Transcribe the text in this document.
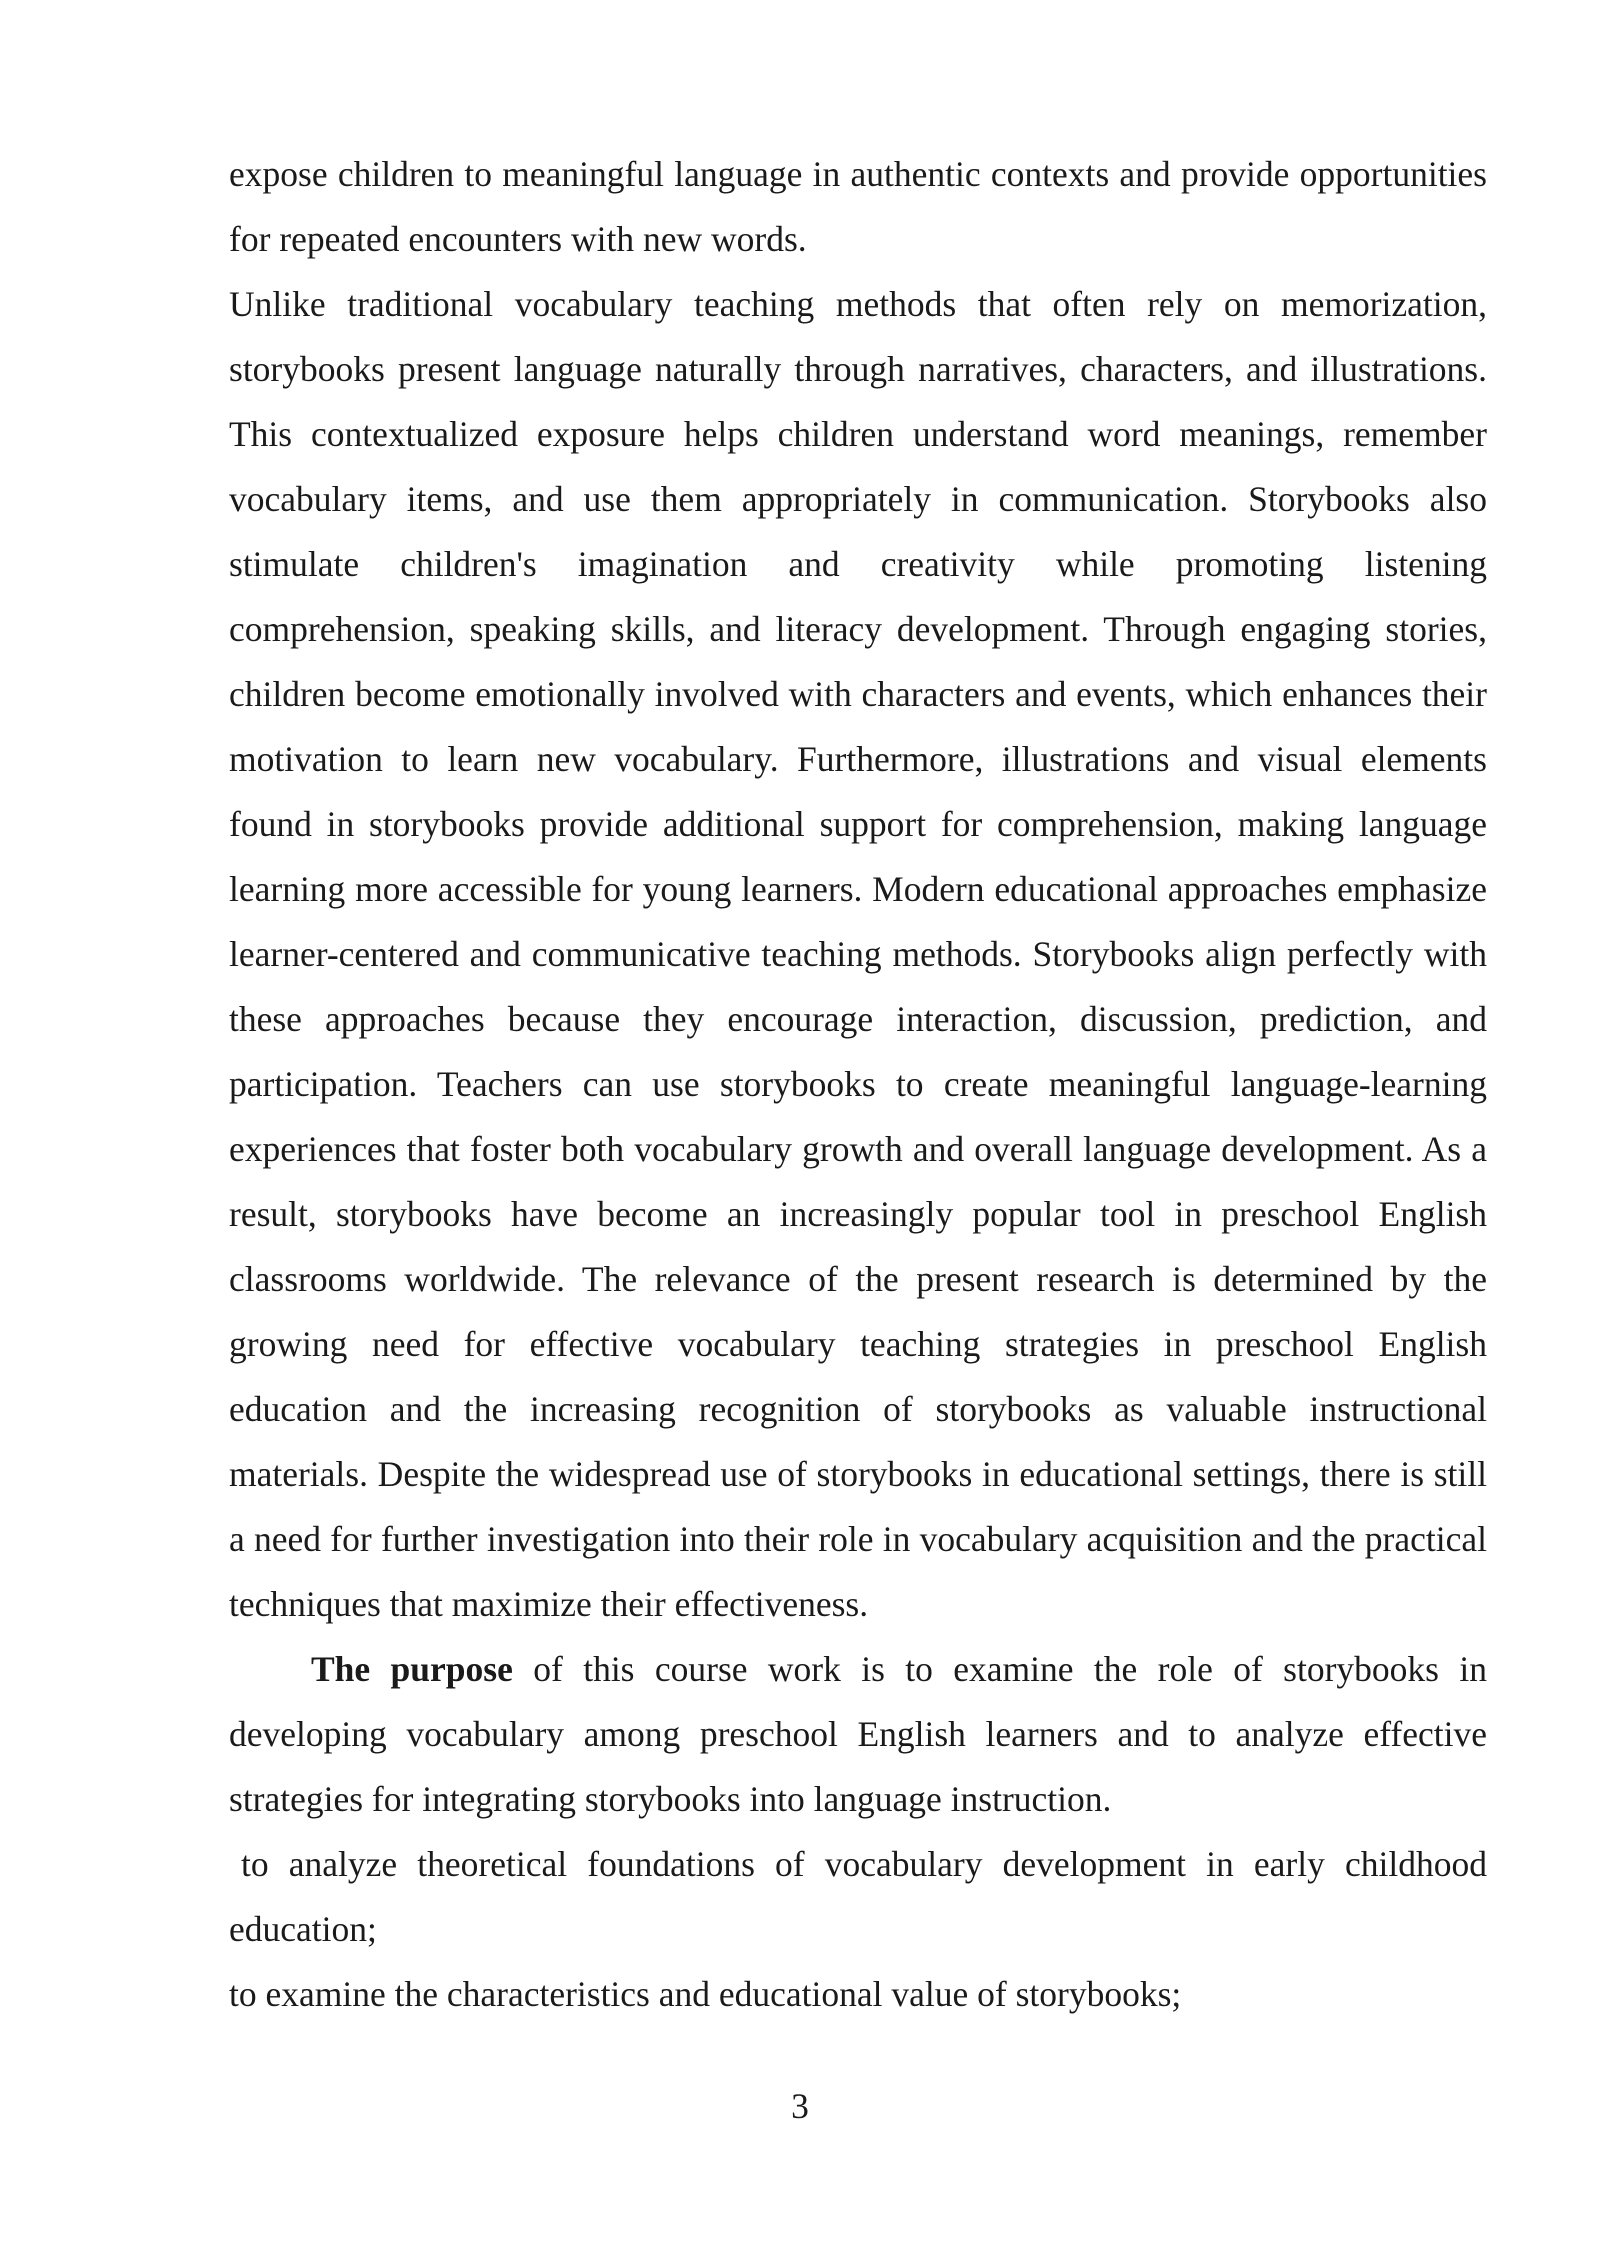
expose children to meaningful language in authentic contexts and provide opportunities for repeated encounters with new words.

Unlike traditional vocabulary teaching methods that often rely on memorization, storybooks present language naturally through narratives, characters, and illustrations. This contextualized exposure helps children understand word meanings, remember vocabulary items, and use them appropriately in communication. Storybooks also stimulate children's imagination and creativity while promoting listening comprehension, speaking skills, and literacy development. Through engaging stories, children become emotionally involved with characters and events, which enhances their motivation to learn new vocabulary. Furthermore, illustrations and visual elements found in storybooks provide additional support for comprehension, making language learning more accessible for young learners. Modern educational approaches emphasize learner-centered and communicative teaching methods. Storybooks align perfectly with these approaches because they encourage interaction, discussion, prediction, and participation. Teachers can use storybooks to create meaningful language-learning experiences that foster both vocabulary growth and overall language development. As a result, storybooks have become an increasingly popular tool in preschool English classrooms worldwide. The relevance of the present research is determined by the growing need for effective vocabulary teaching strategies in preschool English education and the increasing recognition of storybooks as valuable instructional materials. Despite the widespread use of storybooks in educational settings, there is still a need for further investigation into their role in vocabulary acquisition and the practical techniques that maximize their effectiveness.

The purpose of this course work is to examine the role of storybooks in developing vocabulary among preschool English learners and to analyze effective strategies for integrating storybooks into language instruction.

to analyze theoretical foundations of vocabulary development in early childhood education;

to examine the characteristics and educational value of storybooks;

3
